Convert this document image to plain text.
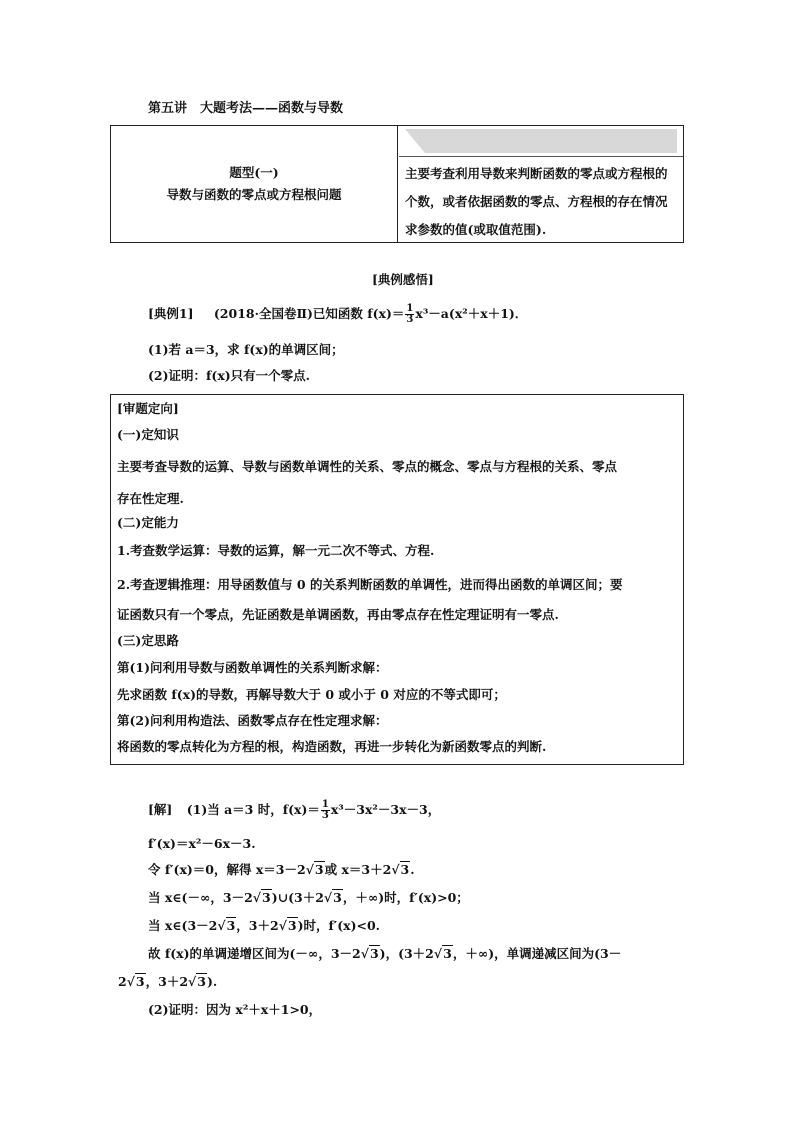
第五讲　大题考法——函数与导数
题型(一)
导数与函数的零点或方程根问题
主要考查利用导数来判断函数的零点或方程根的个数，或者依据函数的零点、方程根的存在情况求参数的值(或取值范围).
[典例感悟]
[典例1] (2018·全国卷Ⅱ)已知函数 $f(x)= \frac{1}{3} x^3-a(x^2+x+1)$．
(1)若 a＝3，求 f(x)的单调区间；
(2)证明：f(x)只有一个零点.
[审题定向]
(一)定知识
主要考查导数的运算、导数与函数单调性的关系、零点的概念、零点与方程根的关系、零点
存在性定理.
(二)定能力
1.考查数学运算：导数的运算，解一元二次不等式、方程.
2.考查逻辑推理：用导函数值与 0 的关系判断函数的单调性，进而得出函数的单调区间；要
证函数只有一个零点，先证函数是单调函数，再由零点存在性定理证明有一零点.
(三)定思路
第(1)问利用导数与函数单调性的关系判断求解：
先求函数 f(x)的导数，再解导数大于 0 或小于 0 对应的不等式即可；
第(2)问利用构造法、函数零点存在性定理求解：
将函数的零点转化为方程的根，构造函数，再进一步转化为新函数零点的判断.
[解] (1)当 a＝3 时，$f(x)= \frac{1}{3} x^3-3x^2-3x-3$，
f′(x)＝x²－6x－3.
令 f′(x)＝0，解得 x＝3－2√3或 x＝3＋2√3.
当 x∈(－∞，3－2√3)∪(3＋2√3，＋∞)时，f′(x)>0；
当 x∈(3－2√3，3＋2√3)时，f′(x)<0.
故 f(x)的单调递增区间为(－∞，3－2√3)，(3＋2√3，＋∞)，单调递减区间为(3－
2√3，3＋2√3).
(2)证明：因为 x²＋x＋1>0，
